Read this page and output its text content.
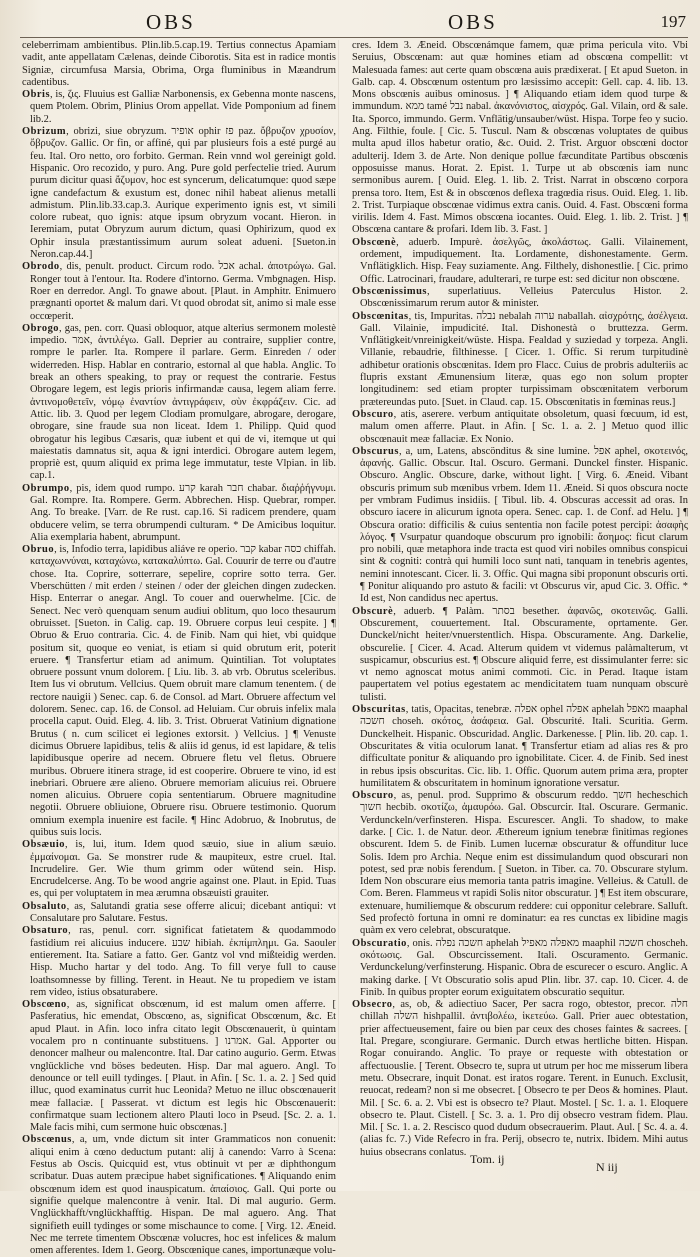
OBS	OBS	197

celeberrimam ambientibus. Plin.lib.5.cap.19. Tertius connectus Apamiam vadit, ante appellatam Cælenas, deinde Ciborotis. Sita est in radice montis Signiæ, circumfusa Marsia, Obrima, Orga fluminibus in Mæandrum cadentibus.

Obris, is, ζις. Fluuius est Galliæ Narbonensis, ex Gebenna monte nascens, quem Ptolem. Obrim, Plinius Orom appellat. Vide Pomponium ad finem lib.2.

Obrizum, obrizi, siue obryzum. אופיר ophir פז paz. ὄβρυζον χρυσίον, ὄβρυζον. Gallic. Or fin, or affiné, qui par plusieurs fois a esté purgé au feu. Ital. Oro netto, oro forbito. German. Rein vnnd wol gereinigt gold. Hispanic. Oro recozido, y puro. Ang. Pure gold perfectelie tried. Aurum purum dicitur quasi ἄζυμον, hoc est syncerum, delicatumque: quod sæpe igne candefactum & exustum est, donec nihil habeat alienus metalli admistum. Plin.lib.33.cap.3. Aurique experimento ignis est, vt simili colore rubeat, quo ignis: atque ipsum obryzum vocant. Hieron. in Ieremiam, putat Obryzum aurum dictum, quasi Ophirizum, quod ex Ophir insula præstantissimum aurum soleat adueni. [Sueton.in Neron.cap.44.]

Obrodo, dis, penult. product. Circum rodo. אכל achal. ἀποτρώγω. Gal. Ronger tout à l'entour. Ita. Rodere d'intorno. Germa. Vmbgnagen. Hisp. Roer en derredor. Angl. To gnawe about. [Plaut. in Amphitr. Enimuero prægnanti oportet & malum dari. Vt quod obrodat sit, animo si male esse occœperit.

Obrogo, gas, pen. corr. Quasi obloquor, atque alterius sermonem molestè impedio. אמר, ἀντιλέγω. Gall. Deprier au contraire, supplier contre, rompre le parler. Ita. Rompere il parlare. Germ. Einreden / oder widerreden. Hisp. Hablar en contrario, estornal al que habla. Anglic. To break an others speaking, to pray or request the contrarie. Festus Obrogare legem, est legis prioris infirmandæ causa, legem aliam ferre. ἀντινομοθετεῖν, νόμῳ ἐναντίον ἀντιγράφειν, σὺν ἐκφράζειν. Cic. ad Attic. lib. 3. Quod per legem Clodiam promulgare, abrogare, derogare, obrogare, sine fraude sua non liceat. Idem 1. Philipp. Quid quod obrogatur his legibus Cæsaris, quæ iubent et qui de vi, itemque ut qui maiestatis damnatus sit, aqua & igni interdici. Obrogare autem legem, propriè est, quum aliquid ex prima lege immutatur, teste Vlpian. in lib. cap.1.

Obrumpo, pis, idem quod rumpo. קרע karah חבר chabar. διαῤῥήγνυμι. Gal. Rompre. Ita. Rompere. Germ. Abbrechen. Hisp. Quebrar, romper. Ang. To breake. [Varr. de Re rust. cap.16. Si radicem prendere, quam obducere velim, se terra obrumpendi culturam. * De Amicibus loquitur. Alia exemplaria habent, abrumpunt.

Obruo, is, Infodio terra, lapidibus aliáve re operio. קבר kabar כסה chiffah. καταχωννύναι, καταχώνω, κατακαλύπτω. Gal. Couurir de terre ou d'autre chose. Ita. Coprire, sotterrare, sepelire, coprire sotto terra. Ger. Vberschütten / mit erden / steinen / oder der gleichen dingen zudecken. Hisp. Enterrar o anegar. Angl. To couer and ouerwhelme. [Cic. de Senect. Nec verò quenquam senum audiui oblitum, quo loco thesaurum obruisset. [Sueton. in Calig. cap. 19. Obruere corpus leui cespite. ] ¶ Obruo & Eruo contraria. Cic. 4. de Finib. Nam qui hiet, vbi quidque positum sit, quoque eo veniat, is etiam si quid obrutum erit, poterit eruere. ¶ Transfertur etiam ad animum. Quintilian. Tot voluptates obruere possunt vnum dolorem. [ Liu. lib. 3. ab vrb. Obrutus sceleribus. Item Ius vi obrutum. Vellcius. Quem obruit mare clamum tenentem. ( de rectore nauigii ) Senec. cap. 6. de Consol. ad Mart. Obruere affectum vel dolorem. Senec. cap. 16. de Consol. ad Heluiam. Cur obruis infelix mala procella caput. Ouid. Eleg. 4. lib. 3. Trist. Obruerat Vatinium dignatione Brutus ( n. cum scilicet ei legiones extorsit. ) Vellcius. ] ¶ Venuste dicimus Obruere lapidibus, telis & aliis id genus, id est lapidare, & telis lapidibusque operire ad necem. Obruere fletu vel fletus. Obruere muribus. Obruere itinera strage, id est cooperire. Obruere te vino, id est inebriari. Obruere ære alieno. Obruere memoriam alicuius rei. Obruere nomen alicuius. Obruere copia sententiarum. Obruere magnitudine negotii. Obruere obliuione, Obruere risu. Obruere testimonio. Quorum omnium exempla inuenire est facile. ¶ Hinc Adobruo, & Inobrutus, de quibus suis locis.

Obsæuio, is, lui, itum. Idem quod sæuio, siue in alium sæuio. ἐμμαίνομαι. Ga. Se monstrer rude & maupiteux, estre cruel. Ital. Incrudelire. Ger. Wie thum grimm oder wütend sein. Hisp. Encrudelcerse. Ang. To be wood angrie against one. Plaut. in Epid. Tuas es, qui per voluptatem in mea ærumna obsæuisti grauiter.

Obsaluto, as, Salutandi gratia sese offerre alicui; dicebant antiqui: vt Consalutare pro Salutare. Festus.

Obsaturo, ras, penul. corr. significat fatietatem & quodammodo fastidium rei alicuius inducere. שבע hibiah. ἐκπίμπλημι. Ga. Saouler entierement. Ita. Satiare a fatto. Ger. Gantz vol vnd mißteidig werden. Hisp. Mucho hartar y del todo. Ang. To fill verye full to cause loathsomnesse by filling. Terent. in Heaut. Ne tu propediem ve istam rem video, istius obsaturabere.

Obscœno, as, significat obscœnum, id est malum omen afferre. [ Pasferatius, hic emendat, Obscœno, as, significat Obscœnum, &c. Et apud Plaut. in Afin. loco infra citato legit Obscœnauerit, ù quintam vocalem pro n continuante substituens. ] אמרנו. Gal. Apporter ou denoncer malheur ou malencontre. Ital. Dar catino augurio. Germ. Etwas vnglückliche vnd böses bedeuten. Hisp. Dar mal aguero. Angl. To denounce or tell euill tydinges. [ Plaut. in Afin. [ Sc. 1. a. 2. ] Sed quid illuc, quod examinatus currit huc Leonida? Metuo ne illuc obscœnauerit meæ fallaciæ. [ Passerat. vt dictum est legis hic Obscœnauerit: confirmatque suam lectionem altero Plauti loco in Pseud. [Sc. 2. a. 1. Male facis mihi, cum sermone huic obscœnas.]

Obscœnus, a, um, vnde dictum sit inter Grammaticos non conuenit: aliqui enim à cœno deductum putant: alij à canendo: Varro à Scena: Festus ab Oscis. Quicquid est, vtus obtinuit vt per æ diphthongum scribatur. Duas autem præcipue habet significationes. ¶ Aliquando enim obscœnum idem est quod inauspicatum. ἀπαίσιος. Gall. Qui porte ou signifie quelque malencontre à venir. Ital. Di mal augurio. Germ. Vnglückhafft/vnglückhafftig. Hispan. De mal aguero. Ang. That signifieth euill tydinges or some mischaunce to come. [ Virg. 12. Æneid. Nec me terrete timentem Obscœnæ volucres, hoc est infelices & malum omen afferentes. Idem 1. Georg. Obscœnique canes, importunæque volu-

cres. Idem 3. Æneid. Obscœnámque famem, quæ prima pericula vito. Vbi Seruius, Obscœnam: aut quæ homines etiam ad obscœna compellit: vt Malesuada fames: aut certe quam obscœna auis prædixerat. [ Et apud Sueton. in Galb. cap. 4. Obscœnum ostentum pro læsissimo accepit: Gell. cap. 4. lib. 13. Mons obscœnis auibus ominosus. ] ¶ Aliquando etiam idem quod turpe & immundum. ממא tamé נבל nabal. ἀκανόνιστος, αἰσχρός. Gal. Vilain, ord & sale. Ita. Sporco, immundo. Germ. Vnflätig/unsauber/wüst. Hispa. Torpe feo y sucio. Ang. Filthie, foule. [ Cic. 5. Tuscul. Nam & obscœnas voluptates de quibus multa apud illos habetur oratio, &c. Ouid. 2. Trist. Arguor obscœni doctor adulterij. Idem 3. de Arte. Non denique pollue fæcunditate Partibus obscœnis opposuisse manus. Horat. 2. Epist. 1. Turpe ut ab obscœnis iam nunc sermonibus aurem. [ Ouid. Eleg. 1. lib. 2. Trist. Narrat in obscœno corpora prensa toro. Item, Est & in obscœnos deflexa tragœdia risus. Ouid. Eleg. 1. lib. 2. Trist. Turpiaque obscœnae vidimus extra canis. Ouid. 4. Fast. Obscœni forma virilis. Idem 4. Fast. Mimos obscœna iocantes. Ouid. Eleg. 1. lib. 2. Trist. ] ¶ Obscœna cantare & profari. Idem lib. 3. Fast. ]

Obscœnè, aduerb. Impurè. ἀσελγῶς, ἀκολάστως. Galli. Vilainement, ordement, impudiquement. Ita. Lordamente, dishonestamente. Germ. Vnflätigklich. Hisp. Feay suziamente. Ang. Filthely, dishonestlie. [ Cic. primo Offic. Latrocinari, fraudare, adulterari, re turpe est: sed dicitur non obscœne.

Obscœnissimus, superlatiuus. Velleius Paterculus Histor. 2. Obscœnissimarum rerum autor & minister.

Obscœnitas, tis, Impuritas. נבלה nebalah ערוה naballah. αἰσχρότης, ἀσέλγεια. Gall. Vilainie, impudicité. Ital. Dishonestà o bruttezza. Germ. Vnflätigkeit/vnreinigkeit/wüste. Hispa. Fealdad y suziedad y torpeza. Angli. Villanie, rebaudrie, filthinesse. [ Cicer. 1. Offic. Si rerum turpitudinè adhibetur orationis obscœnitas. Idem pro Flacc. Cuius de probris adulteriis ac flupris exstant Æmunensium literæ, quas ego non solum propter longitudinem: sed etiam propter turpissimam obscœnitatem verborum prætereundas puto. [Suet. in Claud. cap. 15. Obscœnitatis in fœminas reus.]

Obscuro, atis, aserere. verbum antiquitate obsoletum, quasi fœcuum, id est, malum omen afferre. Plaut. in Afin. [ Sc. 1. a. 2. ] Metuo quod illic obscœnauit meæ fallaciæ. Ex Nonio.

Obscurus, a, um, Latens, abscönditus & sine lumine. אפל aphel, σκοτεινός, ἀφανής. Gallic. Obscur. Ital. Oscuro. Germani. Dunckel finster. Hispanic. Obscuro. Anglic. Obscure, darke, without light. [ Virg. 6. Æneid. Vibant obscuris primum sub mœnibus vrbem. Idem 11. Æneid. Si quos obscura nocte per vmbram Fudimus insidiis. [ Tibul. lib. 4. Obscuras accessit ad oras. In obscuro iacere in alicurum ignota opera. Senec. cap. 1. de Conf. ad Helu. ] ¶ Obscura oratio: difficilis & cuius sententia non facile potest percipi: ἀσαφὴς λόγος. ¶ Vsurpatur quandoque obscurum pro ignobili: ἄσημος: ficut clarum pro nobili, quæ metaphora inde tracta est quod viri nobiles omnibus conspicui sint & cogniti: contrà qui humili loco sunt nati, tanquam in tenebris agentes, nemini innotescant. Cicer. li. 3. Offic. Qui magna sibi proponunt obscuris orti. ¶ Ponitur aliquando pro astuto & facili: vt Obscurus vir, apud Cic. 3. Offic. * Id est, Non candidus nec apertus.

Obscurè, aduerb. ¶ Palàm. בסתר besether. ἀφανῶς, σκοτεινῶς. Galli. Obscurement, couuertement. Ital. Obscuramente, oprtamente. Ger. Dunckel/nicht heiter/vnuerstentlich. Hispa. Obscuramente. Ang. Darkelie, obscurelie. [ Cicer. 4. Acad. Alterum quidem vt videmus palàmalterum, vt suspicamur, obscurius est. ¶ Obscure aliquid ferre, est dissimulanter ferre: sic vt nemo agnoscat motus animi commoti. Cic. in Perad. Itaque istam paupertatem vel potius egestatem ac mendicitatem tuam nunquam obscurè tulisti.

Obscuritas, tatis, Opacitas, tenebræ. אפלה ophel אפלה aphelah מאפל maaphal חשכה choseh. σκότος, ἀσάφεια. Gal. Obscurité. Itali. Scuritia. Germ. Dunckelheit. Hispanic. Obscuridad. Anglic. Darkenesse. [ Plin. lib. 20. cap. 1. Obscuritates & vitia oculorum lanat. ¶ Transfertur etiam ad alias res & pro difficultate ponitur & aliquando pro ignobilitate. Cicer. 4. de Finib. Sed inest in rebus ipsis obscuritas. Cic. lib. 1. Offic. Quorum autem prima æra, propter humilitatem & obscuritatem in hominum ignoratione versatur.

Obscuro, as, penul. prod. Supprimo & obscurum reddo. חשך hecheschich חשוך hecbib. σκοτίζω, ἀμαυρόω. Gal. Obscurcir. Ital. Oscurare. Germanic. Verdunckeln/verfinsteren. Hispa. Escurescer. Angli. To shadow, to make darke. [ Cic. 1. de Natur. deor. Æthereum ignium tenebræ finitimas regiones obscurent. Idem 5. de Finib. Lumen lucernæ obscuratur & offunditur luce Solis. Idem pro Archia. Neque enim est dissimulandum quod obscurari non potest, sed præ nobis ferendum. [ Sueton. in Tiber. ca. 70. Obscurare stylum. Idem Non obscurare eius memoria tanta patris imagine. Velleius. & Catull. de Com. Beren. Flammeus vt rapidi Solis nitor obscuratur. ] ¶ Est item obscurare, extenuare, humiliemque & obscurum reddere: cui opponitur celebrare. Salluft. Sed profectò fortuna in omni re dominatur: ea res cunctas ex libidine magis quàm ex vero celebrat, obscuratque.

Obscuratio, onis. חשכה נפלה aphelah מאפלה מאפיל maaphil חשכה choscheh. σκότωσις. Gal. Obscurcissement. Itali. Oscuramento. Germanic. Verdunckelung/verfinsterung. Hispanic. Obra de escurecer o escuro. Anglic. A making darke. [ Vt Obscuratio solis apud Plin. libr. 37. cap. 10. Cicer. 4. de Finib. In quibus propter eorum exiguitatem obscuratio sequitur.

Obsecro, as, ob, & adiectiuo Sacer, Per sacra rogo, obtestor, precor. חלה chillah השלה hishpallil. ἀντιβολέω, ἱκετεύω. Gall. Prier auec obtestation, prier affectueusement, faire ou bien par ceux des choses faintes & sacrees. [ Ital. Pregare, scongiurare. Germanic. Durch etwas hertliche bitten. Hispan. Rogar conuirando. Anglic. To praye or requeste with obtestation or affectuouslie. [ Terent. Obsecro te, supra ut utrum per hoc me misserum libera metu. Obsecrare, inquit Donat. est iratos rogare. Terent. in Eunuch. Exclusit, reuocat, redeam? non si me obsecret. [ Obsecro te per Deos & homines. Plaut. Mil. [ Sc. 6. a. 2. Vbi est is obsecro te? Plaut. Mostel. [ Sc. 1. a. 1. Eloquere obsecro te. Plaut. Cistell. [ Sc. 3. a. 1. Pro dij obsecro vestram fidem. Plau. Mil. [ Sc. 1. a. 2. Rescisco quod dudum obsecrauerim. Plaut. Aul. [ Sc. 4. a. 4. (alias fc. 7.) Vide Refecro in fra. Perij, obsecro te, nutrix. Ibidem. Mihi autus huius obsecrans conlatus. Tom. ij
N iij
